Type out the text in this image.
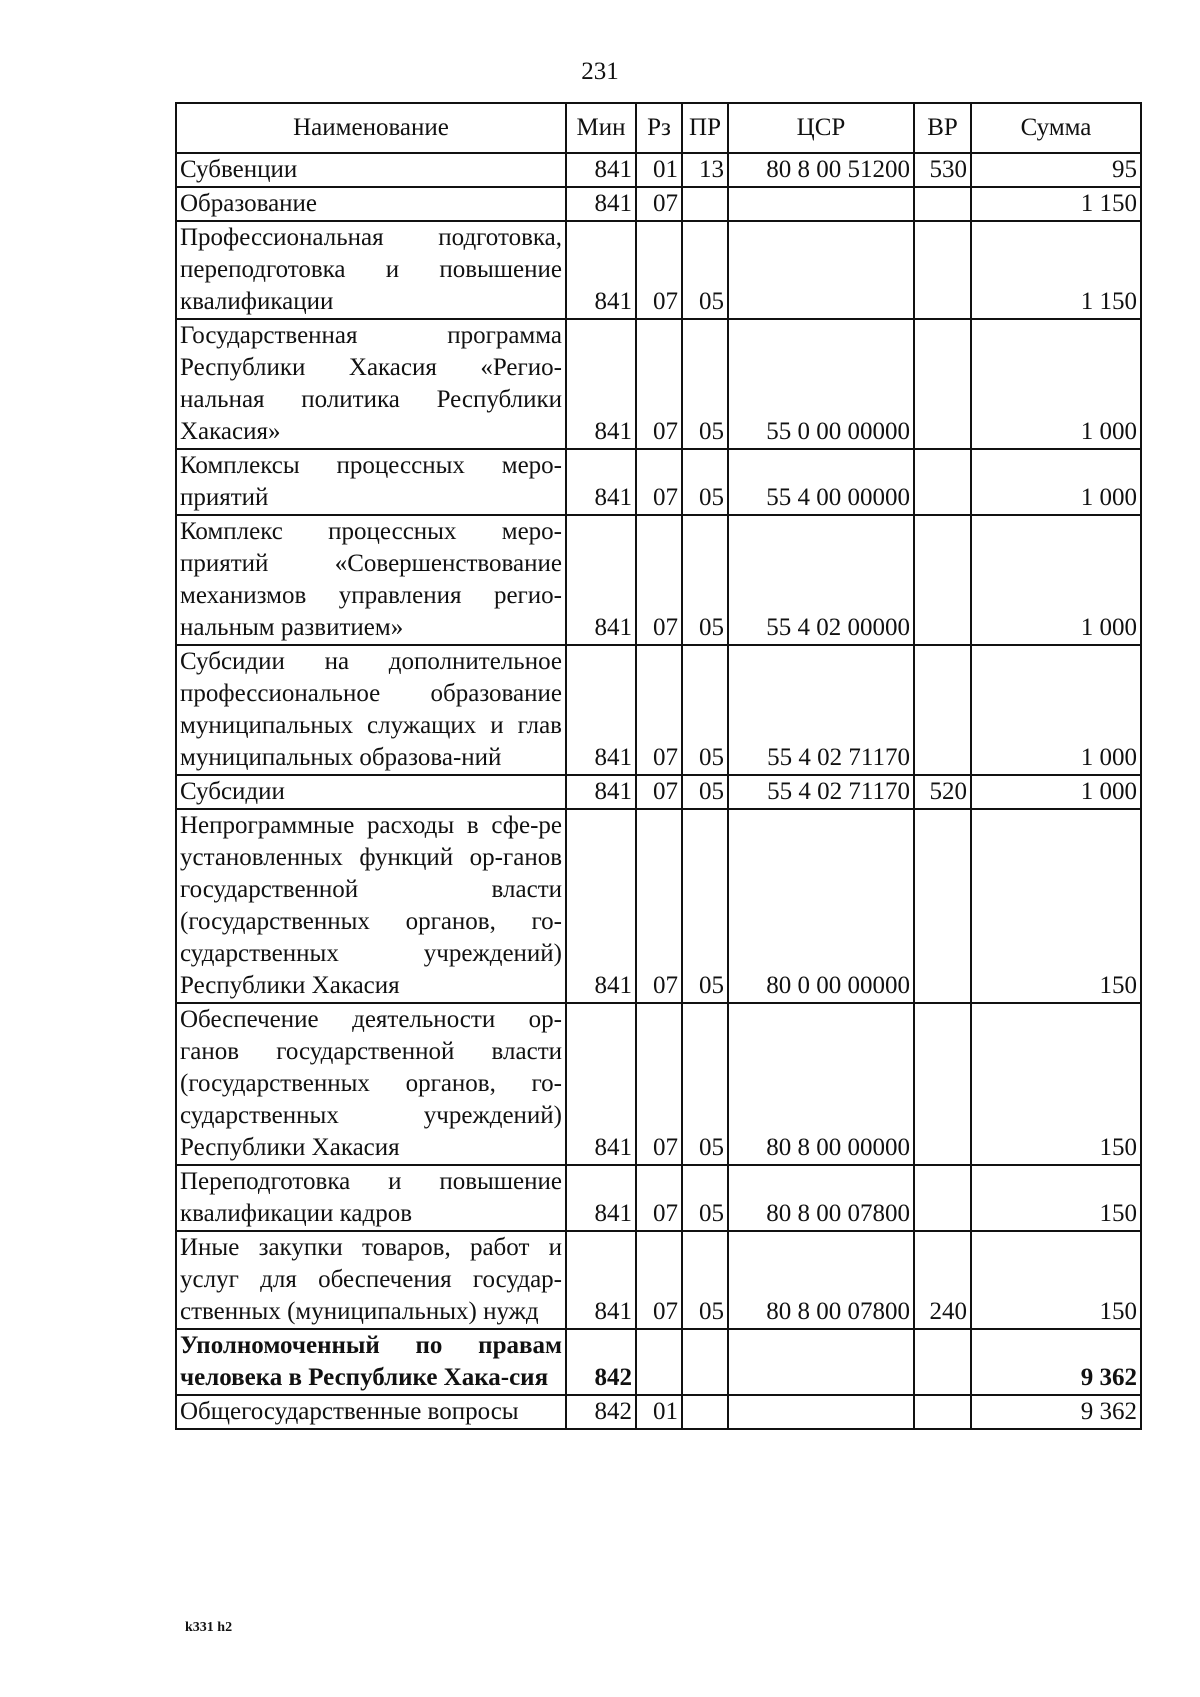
231
Наименование	Мин	Рз	ПР	ЦСР	ВР	Сумма
Субвенции	841	01	13	80 8 00 51200	530	95
Образование	841	07				1 150
Профессиональная подготовка, переподготовка и повышение квалификации	841	07	05			1 150
Государственная программа Республики Хакасия «Регио-нальная политика Республики Хакасия»	841	07	05	55 0 00 00000		1 000
Комплексы процессных меро-приятий	841	07	05	55 4 00 00000		1 000
Комплекс процессных меро-приятий «Совершенствование механизмов управления регио-нальным развитием»	841	07	05	55 4 02 00000		1 000
Субсидии на дополнительное профессиональное образование муниципальных служащих и глав муниципальных образова-ний	841	07	05	55 4 02 71170		1 000
Субсидии	841	07	05	55 4 02 71170	520	1 000
Непрограммные расходы в сфе-ре установленных функций ор-ганов государственной власти (государственных органов, го-сударственных учреждений) Республики Хакасия	841	07	05	80 0 00 00000		150
Обеспечение деятельности ор-ганов государственной власти (государственных органов, го-сударственных учреждений) Республики Хакасия	841	07	05	80 8 00 00000		150
Переподготовка и повышение квалификации кадров	841	07	05	80 8 00 07800		150
Иные закупки товаров, работ и услуг для обеспечения государ-ственных (муниципальных) нужд	841	07	05	80 8 00 07800	240	150
Уполномоченный по правам человека в Республике Хака-сия	842					9 362
Общегосударственные вопросы	842	01				9 362
k331 h2
